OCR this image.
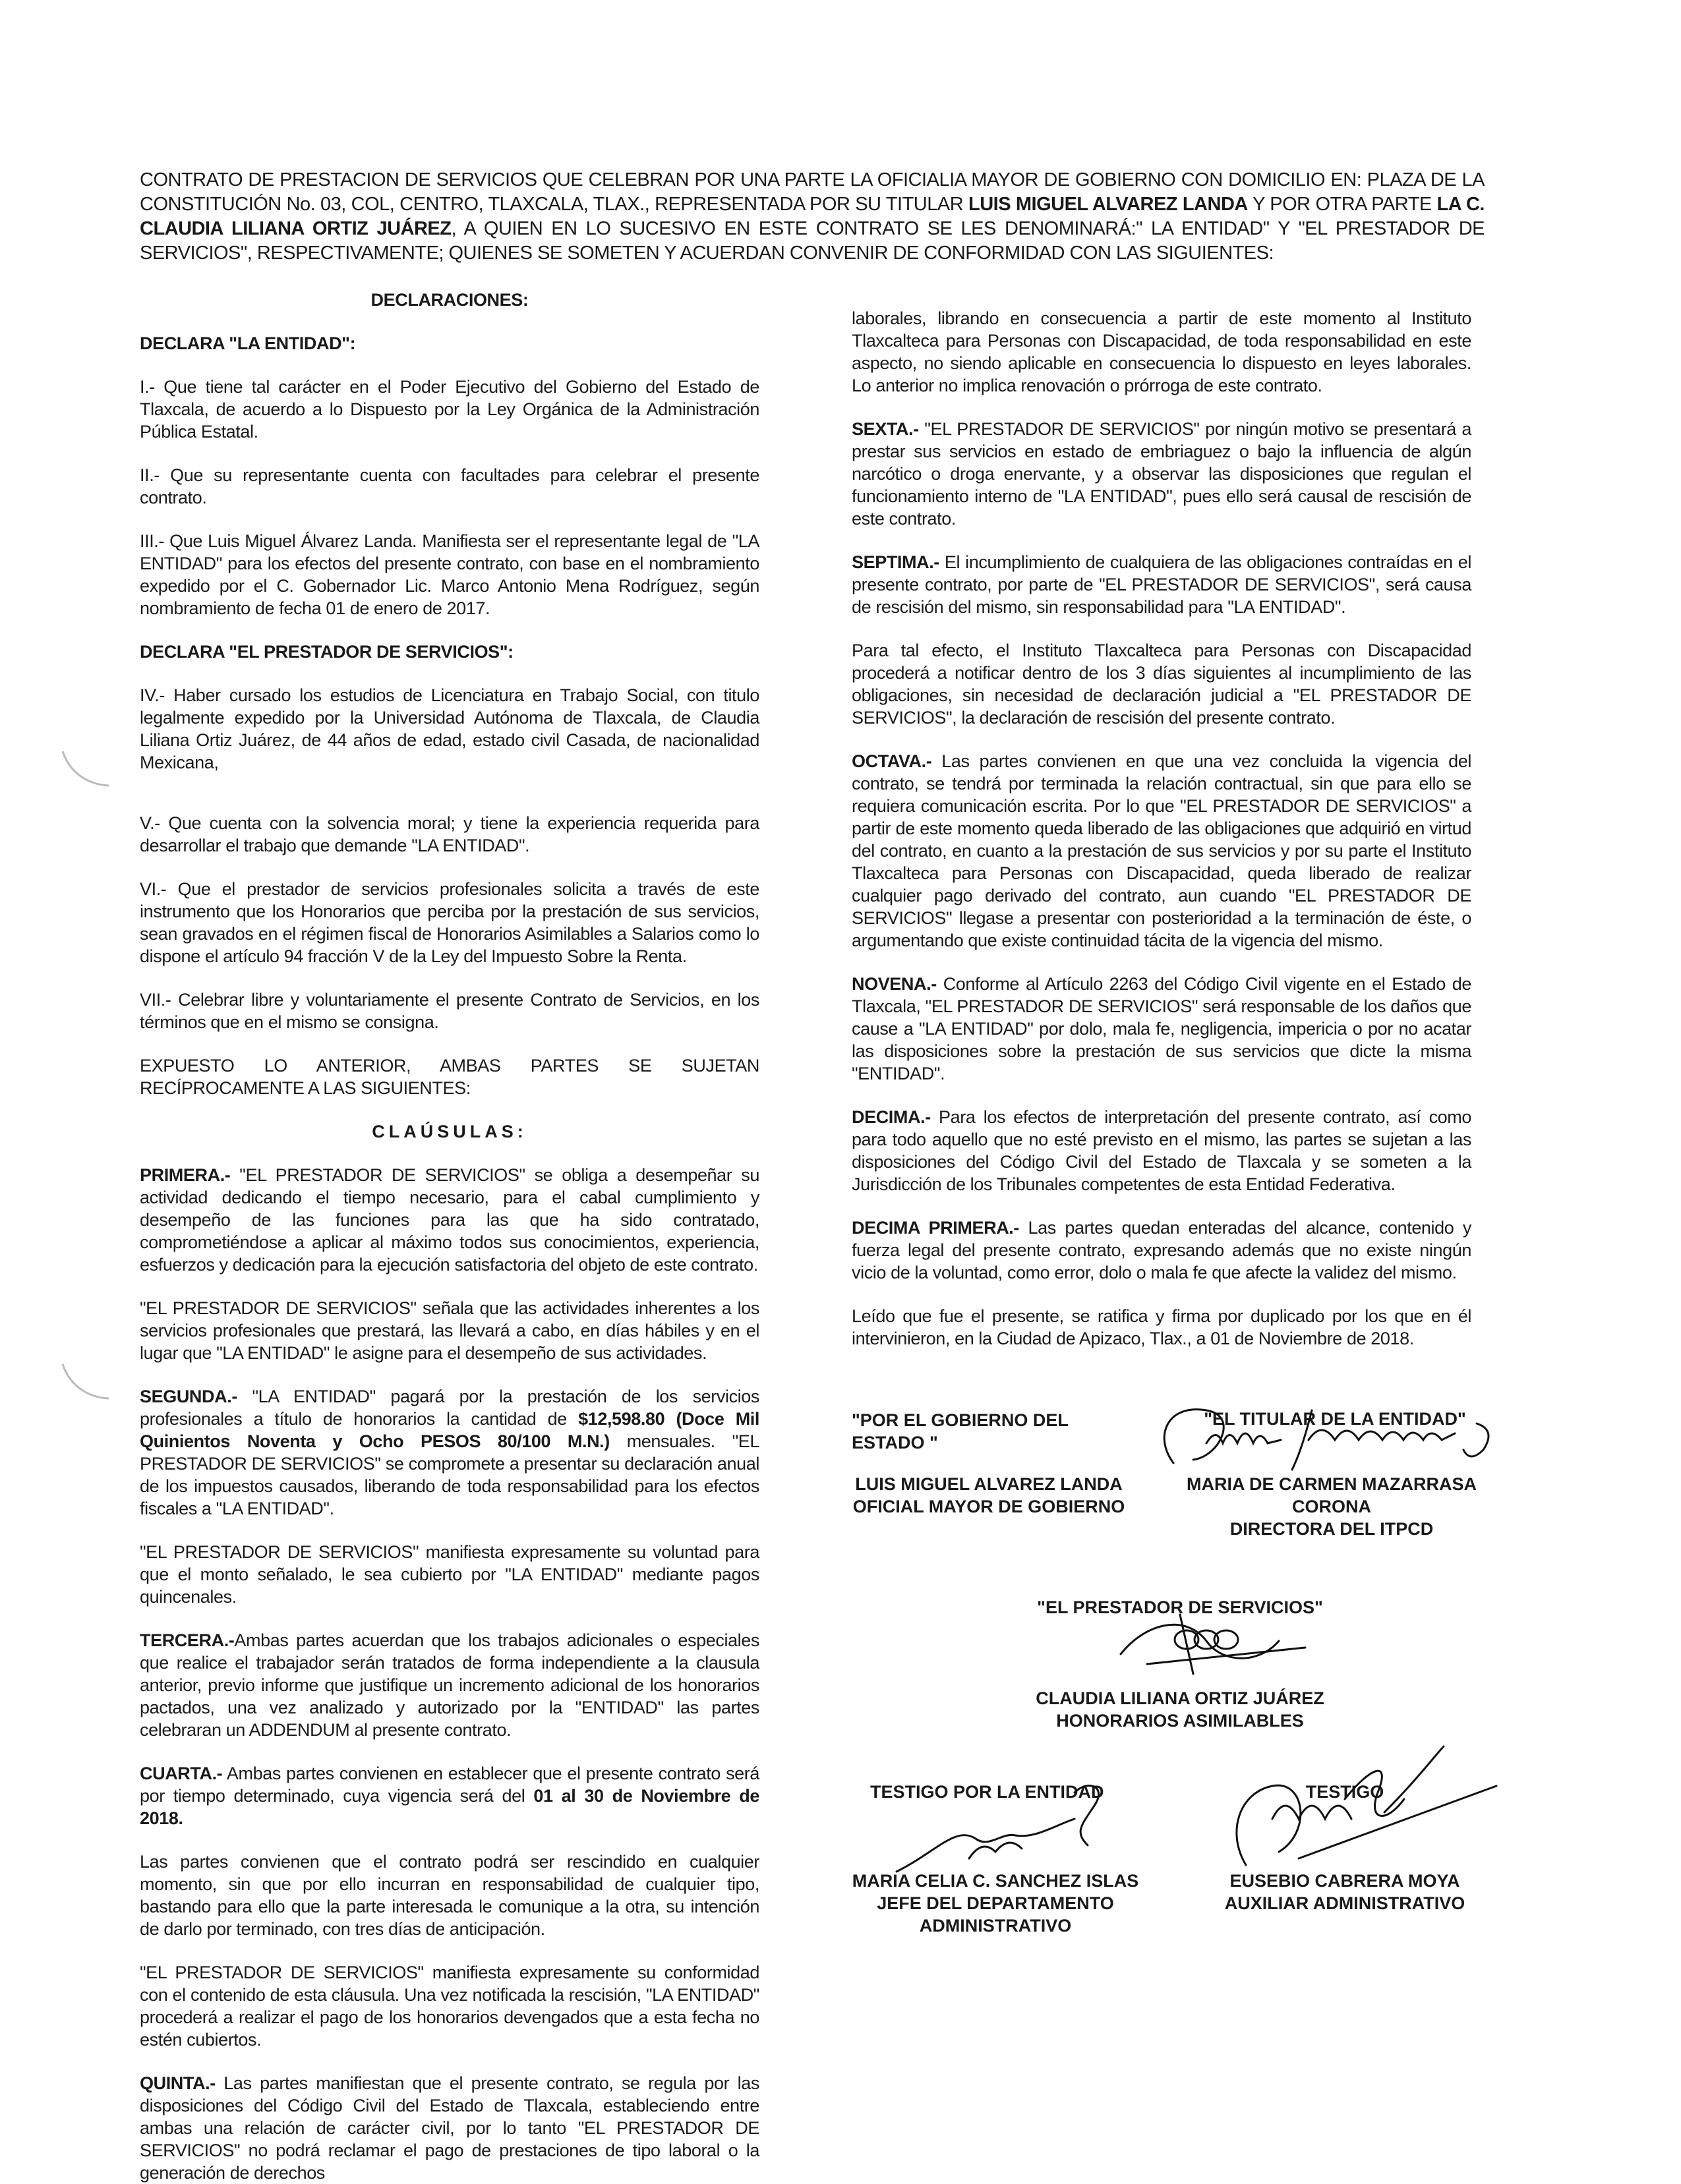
CONTRATO DE PRESTACION DE SERVICIOS QUE CELEBRAN POR UNA PARTE LA OFICIALIA MAYOR DE GOBIERNO CON DOMICILIO EN: PLAZA DE LA CONSTITUCIÓN No. 03, COL, CENTRO, TLAXCALA, TLAX., REPRESENTADA POR SU TITULAR LUIS MIGUEL ALVAREZ LANDA Y POR OTRA PARTE LA C. CLAUDIA LILIANA ORTIZ JUÁREZ, A QUIEN EN LO SUCESIVO EN ESTE CONTRATO SE LES DENOMINARÁ:" LA ENTIDAD" Y "EL PRESTADOR DE SERVICIOS", RESPECTIVAMENTE; QUIENES SE SOMETEN Y ACUERDAN CONVENIR DE CONFORMIDAD CON LAS SIGUIENTES:

DECLARACIONES:

DECLARA "LA ENTIDAD":

I.- Que tiene tal carácter en el Poder Ejecutivo del Gobierno del Estado de Tlaxcala, de acuerdo a lo Dispuesto por la Ley Orgánica de la Administración Pública Estatal.

II.- Que su representante cuenta con facultades para celebrar el presente contrato.

III.- Que Luis Miguel Álvarez Landa. Manifiesta ser el representante legal de "LA ENTIDAD" para los efectos del presente contrato, con base en el nombramiento expedido por el C. Gobernador Lic. Marco Antonio Mena Rodríguez, según nombramiento de fecha 01 de enero de 2017.

DECLARA "EL PRESTADOR DE SERVICIOS":

IV.- Haber cursado los estudios de Licenciatura en Trabajo Social, con titulo legalmente expedido por la Universidad Autónoma de Tlaxcala, de Claudia Liliana Ortiz Juárez, de 44 años de edad, estado civil Casada, de nacionalidad Mexicana,

V.- Que cuenta con la solvencia moral; y tiene la experiencia requerida para desarrollar el trabajo que demande "LA ENTIDAD".

VI.- Que el prestador de servicios profesionales solicita a través de este instrumento que los Honorarios que perciba por la prestación de sus servicios, sean gravados en el régimen fiscal de Honorarios Asimilables a Salarios como lo dispone el artículo 94 fracción V de la Ley del Impuesto Sobre la Renta.

VII.- Celebrar libre y voluntariamente el presente Contrato de Servicios, en los términos que en el mismo se consigna.

EXPUESTO LO ANTERIOR, AMBAS PARTES SE SUJETAN RECÍPROCAMENTE A LAS SIGUIENTES:

CLAÚSULAS:

PRIMERA.- "EL PRESTADOR DE SERVICIOS" se obliga a desempeñar su actividad dedicando el tiempo necesario, para el cabal cumplimiento y desempeño de las funciones para las que ha sido contratado, comprometiéndose a aplicar al máximo todos sus conocimientos, experiencia, esfuerzos y dedicación para la ejecución satisfactoria del objeto de este contrato.

"EL PRESTADOR DE SERVICIOS" señala que las actividades inherentes a los servicios profesionales que prestará, las llevará a cabo, en días hábiles y en el lugar que "LA ENTIDAD" le asigne para el desempeño de sus actividades.

SEGUNDA.- "LA ENTIDAD" pagará por la prestación de los servicios profesionales a título de honorarios la cantidad de $12,598.80 (Doce Mil Quinientos Noventa y Ocho PESOS 80/100 M.N.) mensuales. "EL PRESTADOR DE SERVICIOS" se compromete a presentar su declaración anual de los impuestos causados, liberando de toda responsabilidad para los efectos fiscales a "LA ENTIDAD".

"EL PRESTADOR DE SERVICIOS" manifiesta expresamente su voluntad para que el monto señalado, le sea cubierto por "LA ENTIDAD" mediante pagos quincenales.

TERCERA.-Ambas partes acuerdan que los trabajos adicionales o especiales que realice el trabajador serán tratados de forma independiente a la clausula anterior, previo informe que justifique un incremento adicional de los honorarios pactados, una vez analizado y autorizado por la "ENTIDAD" las partes celebraran un ADDENDUM al presente contrato.

CUARTA.- Ambas partes convienen en establecer que el presente contrato será por tiempo determinado, cuya vigencia será del 01 al 30 de Noviembre de 2018.

Las partes convienen que el contrato podrá ser rescindido en cualquier momento, sin que por ello incurran en responsabilidad de cualquier tipo, bastando para ello que la parte interesada le comunique a la otra, su intención de darlo por terminado, con tres días de anticipación.

"EL PRESTADOR DE SERVICIOS" manifiesta expresamente su conformidad con el contenido de esta cláusula. Una vez notificada la rescisión, "LA ENTIDAD" procederá a realizar el pago de los honorarios devengados que a esta fecha no estén cubiertos.

QUINTA.- Las partes manifiestan que el presente contrato, se regula por las disposiciones del Código Civil del Estado de Tlaxcala, estableciendo entre ambas una relación de carácter civil, por lo tanto "EL PRESTADOR DE SERVICIOS" no podrá reclamar el pago de prestaciones de tipo laboral o la generación de derechos

laborales, librando en consecuencia a partir de este momento al Instituto Tlaxcalteca para Personas con Discapacidad, de toda responsabilidad en este aspecto, no siendo aplicable en consecuencia lo dispuesto en leyes laborales. Lo anterior no implica renovación o prórroga de este contrato.

SEXTA.- "EL PRESTADOR DE SERVICIOS" por ningún motivo se presentará a prestar sus servicios en estado de embriaguez o bajo la influencia de algún narcótico o droga enervante, y a observar las disposiciones que regulan el funcionamiento interno de "LA ENTIDAD", pues ello será causal de rescisión de este contrato.

SEPTIMA.- El incumplimiento de cualquiera de las obligaciones contraídas en el presente contrato, por parte de "EL PRESTADOR DE SERVICIOS", será causa de rescisión del mismo, sin responsabilidad para "LA ENTIDAD".

Para tal efecto, el Instituto Tlaxcalteca para Personas con Discapacidad procederá a notificar dentro de los 3 días siguientes al incumplimiento de las obligaciones, sin necesidad de declaración judicial a "EL PRESTADOR DE SERVICIOS", la declaración de rescisión del presente contrato.

OCTAVA.- Las partes convienen en que una vez concluida la vigencia del contrato, se tendrá por terminada la relación contractual, sin que para ello se requiera comunicación escrita. Por lo que "EL PRESTADOR DE SERVICIOS" a partir de este momento queda liberado de las obligaciones que adquirió en virtud del contrato, en cuanto a la prestación de sus servicios y por su parte el Instituto Tlaxcalteca para Personas con Discapacidad, queda liberado de realizar cualquier pago derivado del contrato, aun cuando "EL PRESTADOR DE SERVICIOS" llegase a presentar con posterioridad a la terminación de éste, o argumentando que existe continuidad tácita de la vigencia del mismo.

NOVENA.- Conforme al Artículo 2263 del Código Civil vigente en el Estado de Tlaxcala, "EL PRESTADOR DE SERVICIOS" será responsable de los daños que cause a "LA ENTIDAD" por dolo, mala fe, negligencia, impericia o por no acatar las disposiciones sobre la prestación de sus servicios que dicte la misma "ENTIDAD".

DECIMA.- Para los efectos de interpretación del presente contrato, así como para todo aquello que no esté previsto en el mismo, las partes se sujetan a las disposiciones del Código Civil del Estado de Tlaxcala y se someten a la Jurisdicción de los Tribunales competentes de esta Entidad Federativa.

DECIMA PRIMERA.- Las partes quedan enteradas del alcance, contenido y fuerza legal del presente contrato, expresando además que no existe ningún vicio de la voluntad, como error, dolo o mala fe que afecte la validez del mismo.

Leído que fue el presente, se ratifica y firma por duplicado por los que en él intervinieron, en la Ciudad de Apizaco, Tlax., a 01 de Noviembre de 2018.

"POR EL GOBIERNO DEL ESTADO "
LUIS MIGUEL ALVAREZ LANDA
OFICIAL MAYOR DE GOBIERNO
"EL TITULAR DE LA ENTIDAD"
MARIA DE CARMEN MAZARRASA
CORONA
DIRECTORA DEL ITPCD
"EL PRESTADOR DE SERVICIOS"
CLAUDIA LILIANA ORTIZ JUÁREZ
HONORARIOS ASIMILABLES
TESTIGO POR LA ENTIDAD
MARIA CELIA C. SANCHEZ ISLAS
JEFE DEL DEPARTAMENTO
ADMINISTRATIVO
TESTIGO
EUSEBIO CABRERA MOYA
AUXILIAR ADMINISTRATIVO
